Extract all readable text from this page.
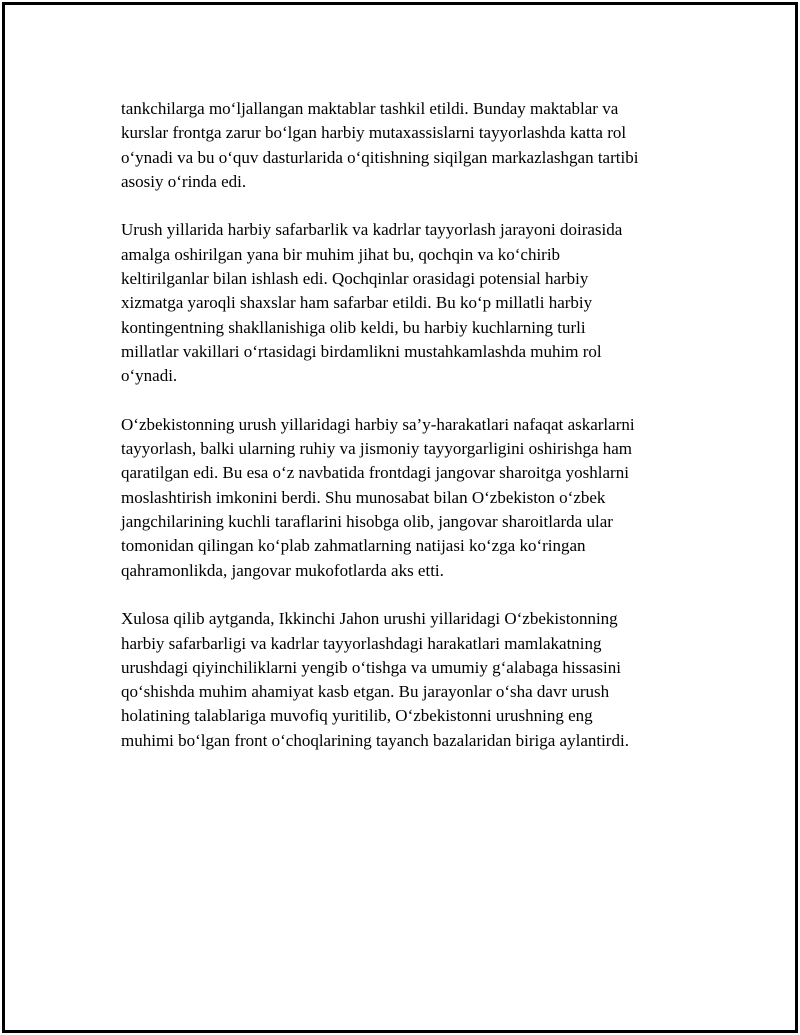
tankchilarga mo‘ljallangan maktablar tashkil etildi. Bunday maktablar va
kurslar frontga zarur bo‘lgan harbiy mutaxassislarni tayyorlashda katta rol
o‘ynadi va bu o‘quv dasturlarida o‘qitishning siqilgan markazlashgan tartibi
asosiy o‘rinda edi.

Urush yillarida harbiy safarbarlik va kadrlar tayyorlash jarayoni doirasida
amalga oshirilgan yana bir muhim jihat bu, qochqin va ko‘chirib
keltirilganlar bilan ishlash edi. Qochqinlar orasidagi potensial harbiy
xizmatga yaroqli shaxslar ham safarbar etildi. Bu ko‘p millatli harbiy
kontingentning shakllanishiga olib keldi, bu harbiy kuchlarning turli
millatlar vakillari o‘rtasidagi birdamlikni mustahkamlashda muhim rol
o‘ynadi.

O‘zbekistonning urush yillaridagi harbiy sa’y-harakatlari nafaqat askarlarni
tayyorlash, balki ularning ruhiy va jismoniy tayyorgarligini oshirishga ham
qaratilgan edi. Bu esa o‘z navbatida frontdagi jangovar sharoitga yoshlarni
moslashtirish imkonini berdi. Shu munosabat bilan O‘zbekiston o‘zbek
jangchilarining kuchli taraflarini hisobga olib, jangovar sharoitlarda ular
tomonidan qilingan ko‘plab zahmatlarning natijasi ko‘zga ko‘ringan
qahramonlikda, jangovar mukofotlarda aks etti.

Xulosa qilib aytganda, Ikkinchi Jahon urushi yillaridagi O‘zbekistonning
harbiy safarbarligi va kadrlar tayyorlashdagi harakatlari mamlakatning
urushdagi qiyinchiliklarni yengib o‘tishga va umumiy g‘alabaga hissasini
qo‘shishda muhim ahamiyat kasb etgan. Bu jarayonlar o‘sha davr urush
holatining talablariga muvofiq yuritilib, O‘zbekistonni urushning eng
muhimi bo‘lgan front o‘choqlarining tayanch bazalaridan biriga aylantirdi.
